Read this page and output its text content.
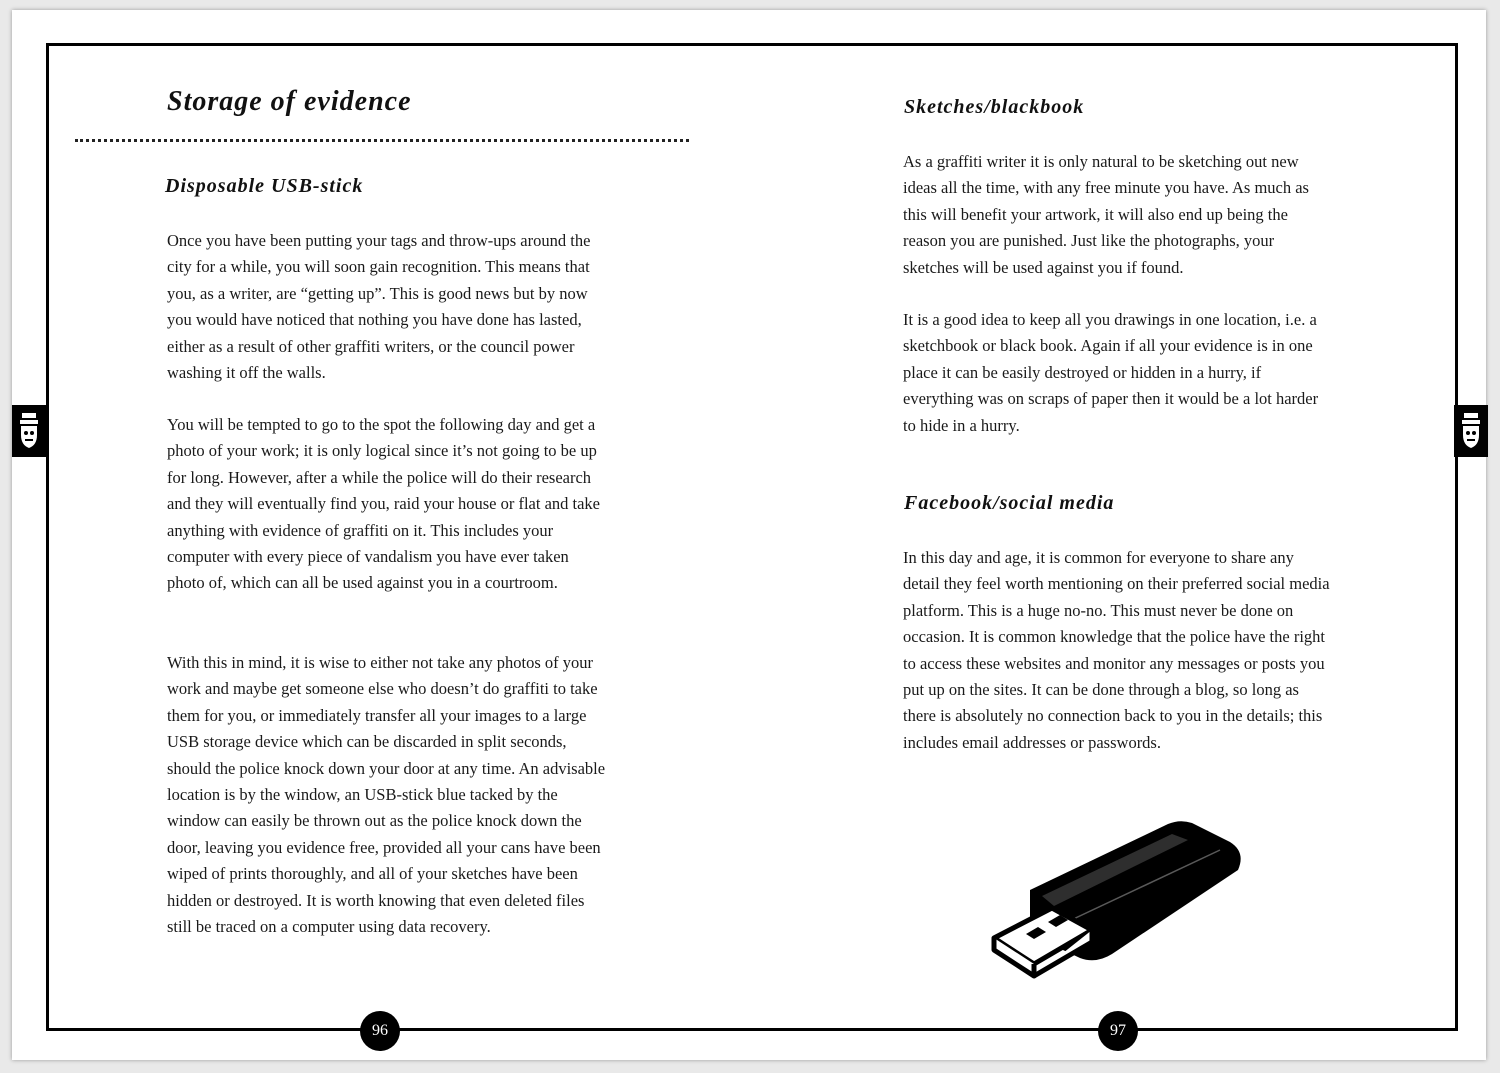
Storage of evidence
Disposable USB-stick

Once you have been putting your tags and throw-ups around the city for a while, you will soon gain recognition. This means that you, as a writer, are “getting up”. This is good news but by now you would have noticed that nothing you have done has lasted, either as a result of other graffiti writers, or the council power washing it off the walls.

You will be tempted to go to the spot the following day and get a photo of your work; it is only logical since it’s not going to be up for long. However, after a while the police will do their research and they will eventually find you, raid your house or flat and take anything with evidence of graffiti on it. This includes your computer with every piece of vandalism you have ever taken photo of, which can all be used against you in a courtroom.

With this in mind, it is wise to either not take any photos of your work and maybe get someone else who doesn’t do graffiti to take them for you, or immediately transfer all your images to a large USB storage device which can be discarded in split seconds, should the police knock down your door at any time. An advisable location is by the window, an USB-stick blue tacked by the window can easily be thrown out as the police knock down the door, leaving you evidence free, provided all your cans have been wiped of prints thoroughly, and all of your sketches have been hidden or destroyed. It is worth knowing that even deleted files still be traced on a computer using data recovery.

96
Sketches/blackbook

As a graffiti writer it is only natural to be sketching out new ideas all the time, with any free minute you have. As much as this will benefit your artwork, it will also end up being the reason you are punished. Just like the photographs, your sketches will be used against you if found.

It is a good idea to keep all you drawings in one location, i.e. a sketchbook or black book. Again if all your evidence is in one place it can be easily destroyed or hidden in a hurry, if everything was on scraps of paper then it would be a lot harder to hide in a hurry.

Facebook/social media

In this day and age, it is common for everyone to share any detail they feel worth mentioning on their preferred social media platform. This is a huge no-no. This must never be done on occasion. It is common knowledge that the police have the right to access these websites and monitor any messages or posts you put up on the sites. It can be done through a blog, so long as there is absolutely no connection back to you in the details; this includes email addresses or passwords.

97
